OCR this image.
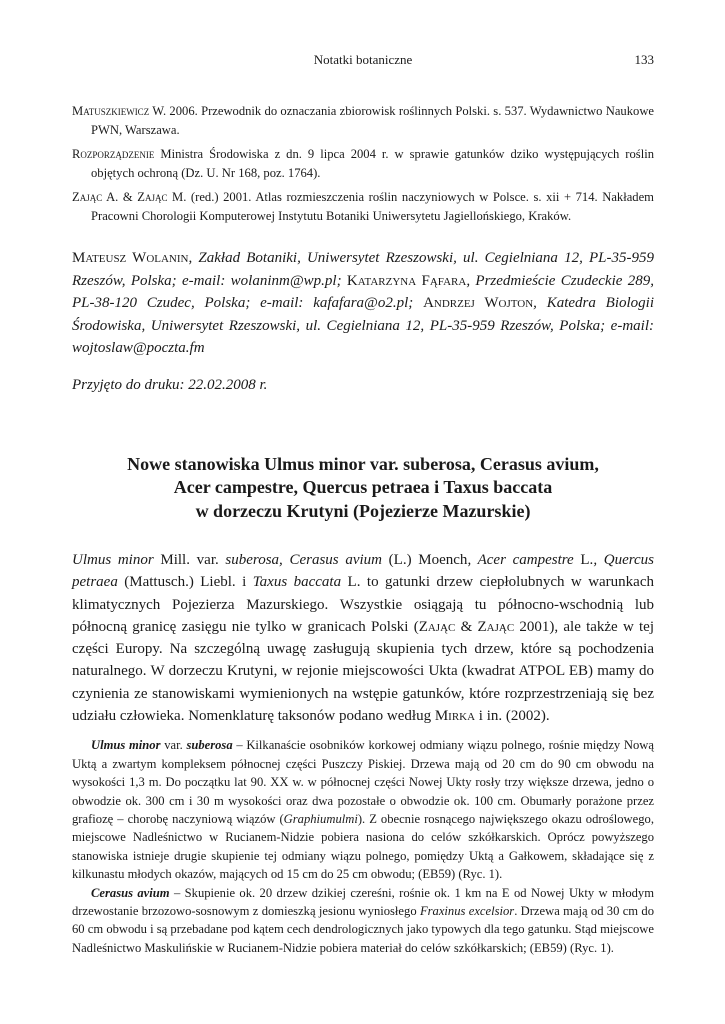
Notatki botaniczne	133
Matuszkiewicz W. 2006. Przewodnik do oznaczania zbiorowisk roślinnych Polski. s. 537. Wydawnictwo Naukowe PWN, Warszawa.
Rozporządzenie Ministra Środowiska z dn. 9 lipca 2004 r. w sprawie gatunków dziko występujących roślin objętych ochroną (Dz. U. Nr 168, poz. 1764).
Zając A. & Zając M. (red.) 2001. Atlas rozmieszczenia roślin naczyniowych w Polsce. s. xii + 714. Nakładem Pracowni Chorologii Komputerowej Instytutu Botaniki Uniwersytetu Jagiellońskiego, Kraków.
Mateusz Wolanin, Zakład Botaniki, Uniwersytet Rzeszowski, ul. Cegielniana 12, PL-35-959 Rzeszów, Polska; e-mail: wolaninm@wp.pl; Katarzyna Fąfara, Przedmieście Czudeckie 289, PL-38-120 Czudec, Polska; e-mail: kafafara@o2.pl; Andrzej Wojton, Katedra Biologii Środowiska, Uniwersytet Rzeszowski, ul. Cegielniana 12, PL-35-959 Rzeszów, Polska; e-mail: wojtoslaw@poczta.fm
Przyjęto do druku: 22.02.2008 r.
Nowe stanowiska Ulmus minor var. suberosa, Cerasus avium,
Acer campestre, Quercus petraea i Taxus baccata
w dorzeczu Krutyni (Pojezierze Mazurskie)

Ulmus minor Mill. var. suberosa, Cerasus avium (L.) Moench, Acer campestre L., Quercus petraea (Mattusch.) Liebl. i Taxus baccata L. to gatunki drzew ciepłolubnych w warunkach klimatycznych Pojezierza Mazurskiego. Wszystkie osiągają tu północno-wschodnią lub północną granicę zasięgu nie tylko w granicach Polski (Zając & Zając 2001), ale także w tej części Europy. Na szczególną uwagę zasługują skupienia tych drzew, które są pochodzenia naturalnego. W dorzeczu Krutyni, w rejonie miejscowości Ukta (kwadrat ATPOL EB) mamy do czynienia ze stanowiskami wymienionych na wstępie gatunków, które rozprzestrzeniają się bez udziału człowieka. Nomenklaturę taksonów podano według Mirka i in. (2002).

Ulmus minor var. suberosa – Kilkanaście osobników korkowej odmiany wiązu polnego, rośnie między Nową Uktą a zwartym kompleksem północnej części Puszczy Piskiej. Drzewa mają od 20 cm do 90 cm obwodu na wysokości 1,3 m. Do początku lat 90. XX w. w północnej części Nowej Ukty rosły trzy większe drzewa, jedno o obwodzie ok. 300 cm i 30 m wysokości oraz dwa pozostałe o obwodzie ok. 100 cm. Obumarły porażone przez grafiozę – chorobę naczyniową wiązów (Graphiumulmi). Z obecnie rosnącego największego okazu odroślowego, miejscowe Nadleśnictwo w Rucianem-Nidzie pobiera nasiona do celów szkółkarskich. Oprócz powyższego stanowiska istnieje drugie skupienie tej odmiany wiązu polnego, pomiędzy Uktą a Gałkowem, składające się z kilkunastu młodych okazów, mających od 15 cm do 25 cm obwodu; (EB59) (Ryc. 1).

Cerasus avium – Skupienie ok. 20 drzew dzikiej czereśni, rośnie ok. 1 km na E od Nowej Ukty w młodym drzewostanie brzozowo-sosnowym z domieszką jesionu wyniosłego Fraxinus excelsior. Drzewa mają od 30 cm do 60 cm obwodu i są przebadane pod kątem cech dendrologicznych jako typowych dla tego gatunku. Stąd miejscowe Nadleśnictwo Maskulińskie w Rucianem-Nidzie pobiera materiał do celów szkółkarskich; (EB59) (Ryc. 1).
